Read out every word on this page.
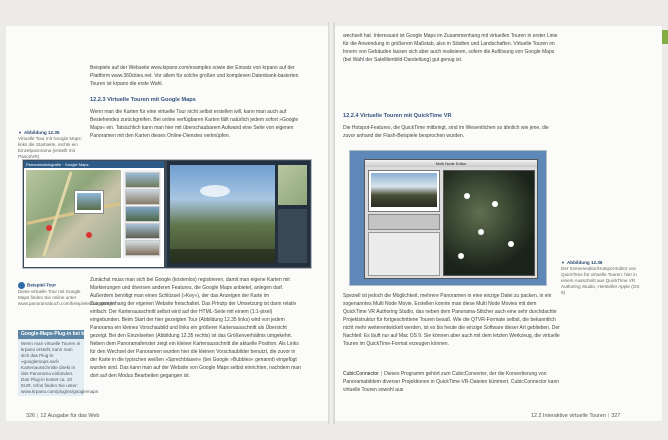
Beispiele auf der Webseite www.kipano.com/examples sowie der Einsatz von krpano auf der Plattform www.360cities.net. Vor allem für solche großen und komplexen Datenbank-basierten Touren ist krpano die erste Wahl.
12.2.3 Virtuelle Touren mit Google Maps
Wenn man die Karten für eine virtuelle Tour nicht selbst erstellen will, kann man auch auf Bestehendes zurückgreifen. Bei online verfügbaren Karten fällt natürlich jedem sofort »Google Maps« ein. Tatsächlich kann man hier mit überschaubarem Aufwand eine Seite von eigenen Panoramen mit den Karten dieses Online-Dienstes verknüpfen.
▼ Abbildung 12.35
Virtuelle Tour mit Google Maps: links die Startseite, rechts ein Einzelpanorama (erstellt mit Pano2VR)
Panoramafotografie · Google Maps
Beispiel-Tour
Diese virtuelle Tour mit Google Maps finden Sie online unter www.panoramabuch.com/beispiele/tour_google
Google-Maps-Plug-in bei krpano
Wenn man virtuelle Touren in krpano erstellt, kann man sich das Plug-in »googlemaps.swf« Kartenausschnitte direkt in das Panorama einbinden. Das Plug-in kostet ca. 20 EUR. Infos finden Sie unter: www.krpano.com/plugins/googlemaps
Zunächst muss man sich bei Google (kostenlos) registrieren, damit man eigene Karten mit Markierungen und diversen anderen Features, die Google Maps anbietet, anlegen darf. Außerdem benötigt man einen Schlüssel (»Key«), der das Anzeigen der Karte im Zusammenhang der eigenen Website freischaltet. Das Prinzip der Umsetzung ist dann relativ einfach: Der Kartenausschnitt selbst wird auf der HTML-Seite mit einem (1:1-pixel) eingebunden. Beim Start der hier gezeigten Tour (Abbildung 12.35 links) wird von jedem Panorama ein kleines Vorschaubild und links ein größerer Kartenausschnitt als Übersicht gezeigt. Bei den Einzelseiten (Abbildung 12.35 rechts) ist das Größenverhältnis umgekehrt. Neben dem Panoramafenster zeigt ein kleiner Kartenausschnitt die aktuelle Position. Als Links für den Wechsel der Panoramen wurden hier die kleinen Vorschaubilder benutzt, die zuvor in der Karte in die typischen weißen »Sprechblasen« (bei Google »Bubbles« genannt) eingefügt wurden sind. Das kann man auf der Website von Google Maps selbst einrichten, nachdem man dort auf den Modus Bearbeiten gegangen ist.
326 | 12 Ausgabe für das Web
wechselt hat. Interessant ist Google Maps im Zusammenhang mit virtuellen Touren in erster Linie für die Anwendung in größerem Maßstab, also in Städten und Landschaften. Virtuelle Touren im Innern von Gebäuden lassen sich aber auch realisieren, sofern die Auflösung von Google Maps (bei Wahl der Satellitenbild-Darstellung) gut genug ist.
12.2.4 Virtuelle Touren mit QuickTime VR
Die Hotspot-Features, die QuickTime mitbringt, sind im Wesentlichen so ähnlich wie jene, die zuvor anhand der Flash-Beispiele besprochen wurden.
Multi Node Editor
▼ Abbildung 12.36
Der Szeneneditor/Hotspot-Editor von QuickTime für virtuelle Touren: hier in einem Ausschnitt aus QuickTime VR Authoring Studio, Hersteller Apple (OS 9)
Speziell ist jedoch die Möglichkeit, mehrere Panoramen in eine einzige Datei zu packen, in ein sogenanntes Multi Node Movie. Erstellen konnte man diese Multi Node Movies mit dem QuickTime VR Authoring Studio, das neben dem Panorama-Stitcher auch eine sehr durchdachte Projektstruktur für fortgeschrittene Touren besaß. Wie die QTVR-Formate selbst, die bekanntlich nicht mehr weiterentwickelt werden, ist es bis heute die einzige Software dieser Art geblieben. Der Nachteil: Es läuft nur auf Mac OS 9. Sie können aber auch mit dem letzten Werkzeug, die virtuelle Touren im QuickTime-Format erzeugen können.
CubicConnector | Dieses Programm gehört zum CubicConverter, der die Konvertierung von Panoramabildern diverser Projektionen in QuickTime-VR-Dateien kümmert. CubicConnector kann virtuelle Touren sowohl aus
12.2 Interaktive virtuelle Touren | 327
